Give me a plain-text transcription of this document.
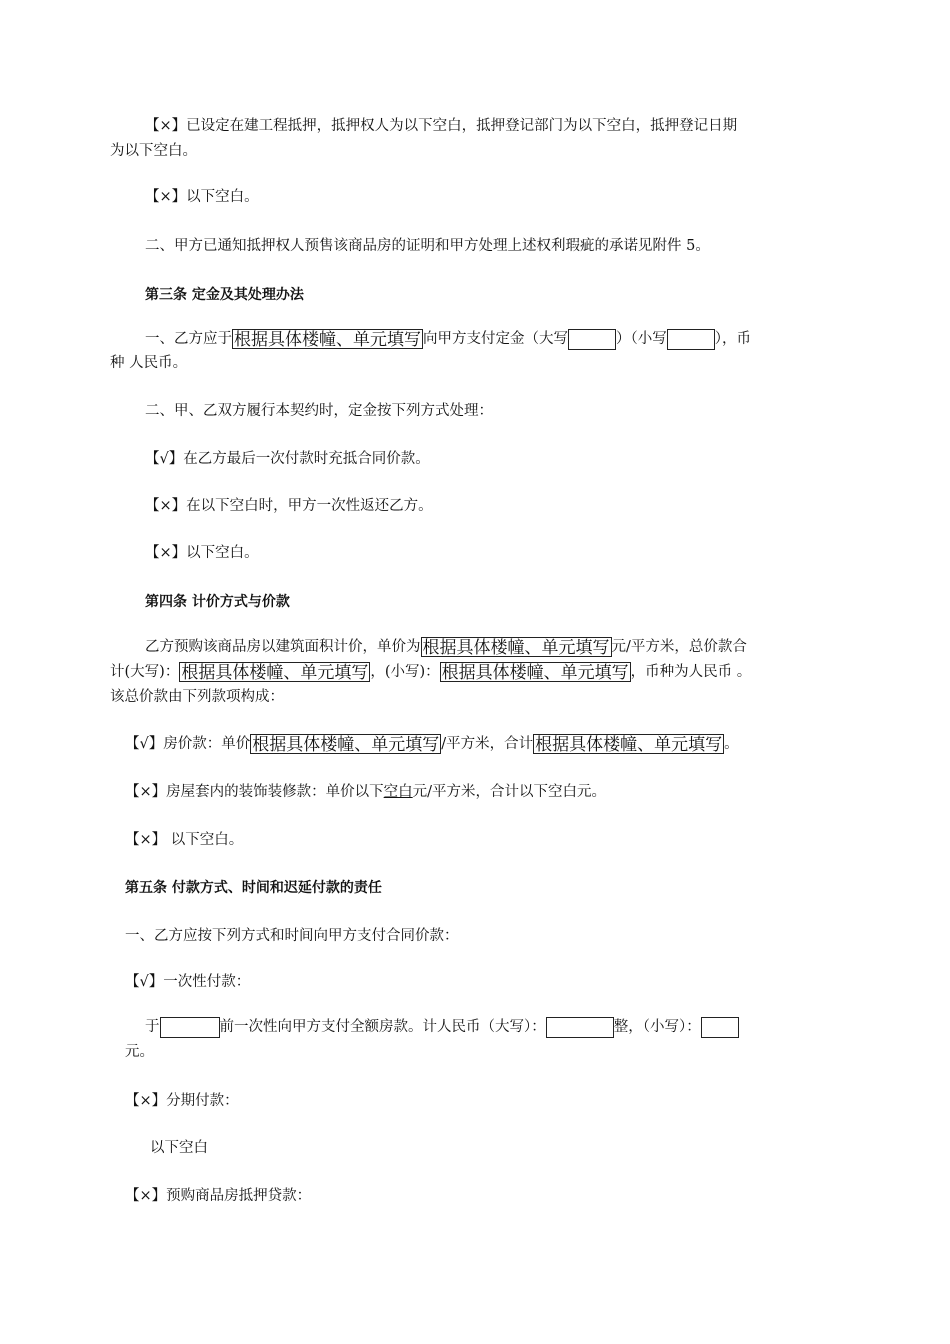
【×】已设定在建工程抵押，抵押权人为以下空白，抵押登记部门为以下空白，抵押登记日期
为以下空白。
【×】以下空白。
二、甲方已通知抵押权人预售该商品房的证明和甲方处理上述权利瑕疵的承诺见附件 5。
第三条 定金及其处理办法
一、乙方应于 根据具体楼幢、单元填写 向甲方支付定金（大写	）（小写	），币
种 人民币。
二、甲、乙双方履行本契约时，定金按下列方式处理：
【√】在乙方最后一次付款时充抵合同价款。
【×】在以下空白时，甲方一次性返还乙方。
【×】以下空白。
第四条 计价方式与价款
乙方预购该商品房以建筑面积计价，单价为 根据具体楼幢、单元填写 元/平方米，总价款合
计(大写)： 根据具体楼幢、单元填写 ，(小写)： 根据具体楼幢、单元填写 ，币种为人民币 。
该总价款由下列款项构成：
【√】房价款：单价 根据具体楼幢、单元填写 /平方米，合计 根据具体楼幢、单元填写 。
【×】房屋套内的装饰装修款：单价以下空白元/平方米，合计以下空白元。
【×】 以下空白。
第五条 付款方式、时间和迟延付款的责任
一、乙方应按下列方式和时间向甲方支付合同价款：
【√】一次性付款：
于	前一次性向甲方支付全额房款。计人民币（大写）：	整，（小写）：
元。
【×】分期付款：
以下空白
【×】预购商品房抵押贷款：
